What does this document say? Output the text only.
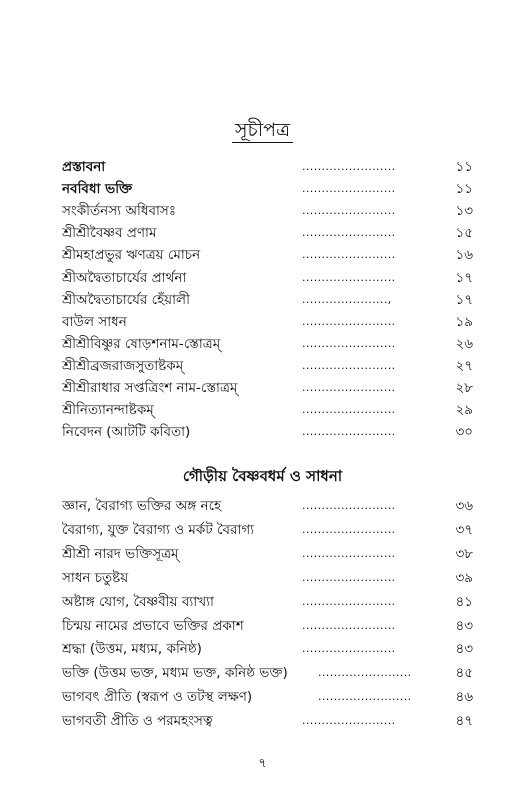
সূচীপত্র
প্রস্তাবনা	........................	১১
নববিধা ভক্তি	........................	১১
সংকীর্তনস্য অধিবাসঃ	........................	১৩
শ্রীশ্রীবৈষ্ণব প্রণাম	........................	১৫
শ্রীমহাপ্রভুর ঋণত্রয় মোচন	........................	১৬
শ্রীঅদ্বৈতাচার্যের প্রার্থনা	........................	১৭
শ্রীঅদ্বৈতাচার্যের হেঁয়ালী	......................,	১৭
বাউল সাধন	........................	১৯
শ্রীশ্রীবিষ্ণুর ষোড়শনাম-স্তোত্রম্	........................	২৬
শ্রীশ্রীব্রজরাজসুতাষ্টকম্	........................	২৭
শ্রীশ্রীরাধার সপ্তত্রিংশ নাম-স্তোত্রম্	........................	২৮
শ্রীনিত্যানন্দাষ্টকম্	........................	২৯
নিবেদন (আটটি কবিতা)	........................	৩০
জ্ঞান, বৈরাগ্য ভক্তির অঙ্গ নহে	........................	৩৬
বৈরাগ্য, যুক্ত বৈরাগ্য ও মর্কট বৈরাগ্য	........................	৩৭
শ্রীশ্রী নারদ ভক্তিসূত্রম্	........................	৩৮
সাধন চতুষ্টয়	........................	৩৯
অষ্টাঙ্গ যোগ, বৈষ্ণবীয় ব্যাখ্যা	........................	৪১
চিন্ময় নামের প্রভাবে ভক্তির প্রকাশ	........................	৪৩
শ্রদ্ধা (উত্তম, মধ্যম, কনিষ্ঠ)	........................	৪৩
ভক্তি (উত্তম ভক্ত, মধ্যম ভক্ত, কনিষ্ঠ ভক্ত)	........................	৪৫
ভাগবৎ প্রীতি (স্বরূপ ও তটস্থ লক্ষণ)	........................	৪৬
ভাগবতী প্রীতি ও পরমহংসত্ব	........................	৪৭
গৌড়ীয় বৈষ্ণবধর্ম ও সাধনা
৭
